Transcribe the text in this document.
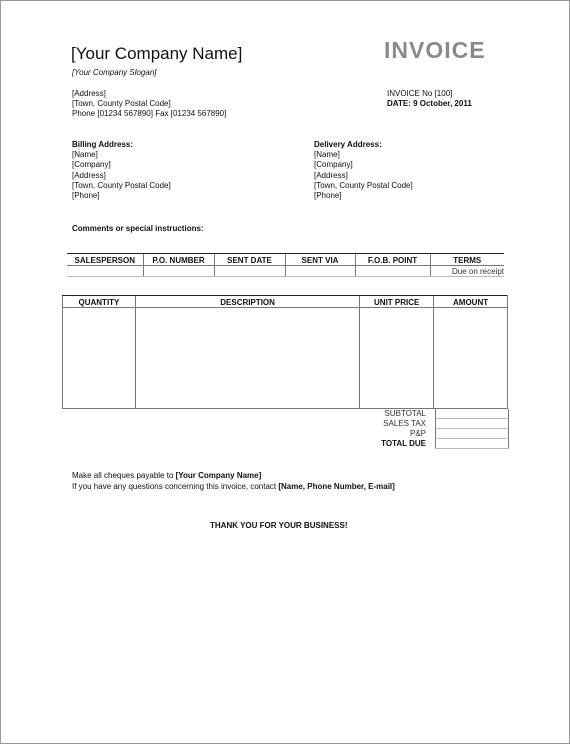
[Your Company Name]
[Your Company Slogan]
INVOICE
[Address]
[Town, County Postal Code]
Phone [01234 567890] Fax [01234 567890]
INVOICE No [100]
DATE: 9 October, 2011
Billing Address:
[Name]
[Company]
[Address]
[Town, County Postal Code]
[Phone]
Delivery Address:
[Name]
[Company]
[Address]
[Town, County Postal Code]
[Phone]
Comments or special instructions:
SALESPERSON	P.O. NUMBER	SENT DATE	SENT VIA	F.O.B. POINT	TERMS
					Due on receipt
QUANTITY	DESCRIPTION	UNIT PRICE	AMOUNT

SUBTOTAL
SALES TAX
P&P
TOTAL DUE
Make all cheques payable to [Your Company Name]
If you have any questions concerning this invoice, contact [Name, Phone Number, E-mail]
THANK YOU FOR YOUR BUSINESS!
